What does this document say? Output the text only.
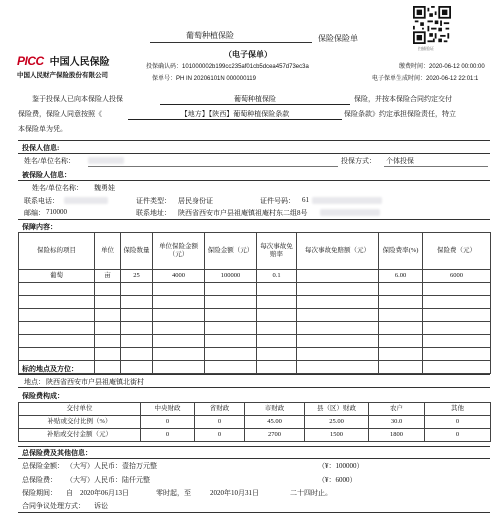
葡萄种植保险	保险保险单
扫描验证
PICC 中国人民保险
中国人民财产保险股份有限公司
（电子保单）
投保确认码：101000002b199cc235af01cb5dcea457d73ec3a
保单号：PH IN 20206101N 000000119
缴费时间：2020-06-12 00:00:00
电子保单生成时间：2020-06-12 22:01:1
鉴于投保人已向本保险人投保	葡萄种植保险	保险，并按本保险合同约定交付
保险费，保险人同意按照《	【地方】【陕西】葡萄种植保险条款	保险条款》约定承担保险责任，特立
本保险单为凭。
投保人信息:
姓名/单位名称：	投保方式： 个体投保
被保险人信息：
姓名/单位名称： 魏勇娃
联系电话：	证件类型： 居民身份证	证件号码： 61
邮编： 710000	联系地址： 陕西省西安市户县祖庵镇祖庵村东二组8号
保障内容：
保险标的项目	单位	保险数量	单位保险金额（元）	保险金额（元）	每次事故免赔率	每次事故免赔额（元）	保险费率(%)	保险费（元）
葡萄	亩	25	4000	100000	0.1		6.00	6000

标的地点及方位：
地点： 陕西省西安市户县祖庵镇北街村
保险费构成：
交付单位	中央财政	省财政	市财政	县（区）财政	农户	其他
补贴或交付比例（%）	0	0	45.00	25.00	30.0	0
补贴或交付金额（元）	0	0	2700	1500	1800	0
总保险费及其他信息：
总保险金额： （大写）人民币：壹拾万元整	（¥：100000）
总保险费： （大写）人民币：陆仟元整	（¥：6000）
保险期间： 自　2020年06月13日	零时起，至	2020年10月31日	二十四时止。
合同争议处理方式： 诉讼
